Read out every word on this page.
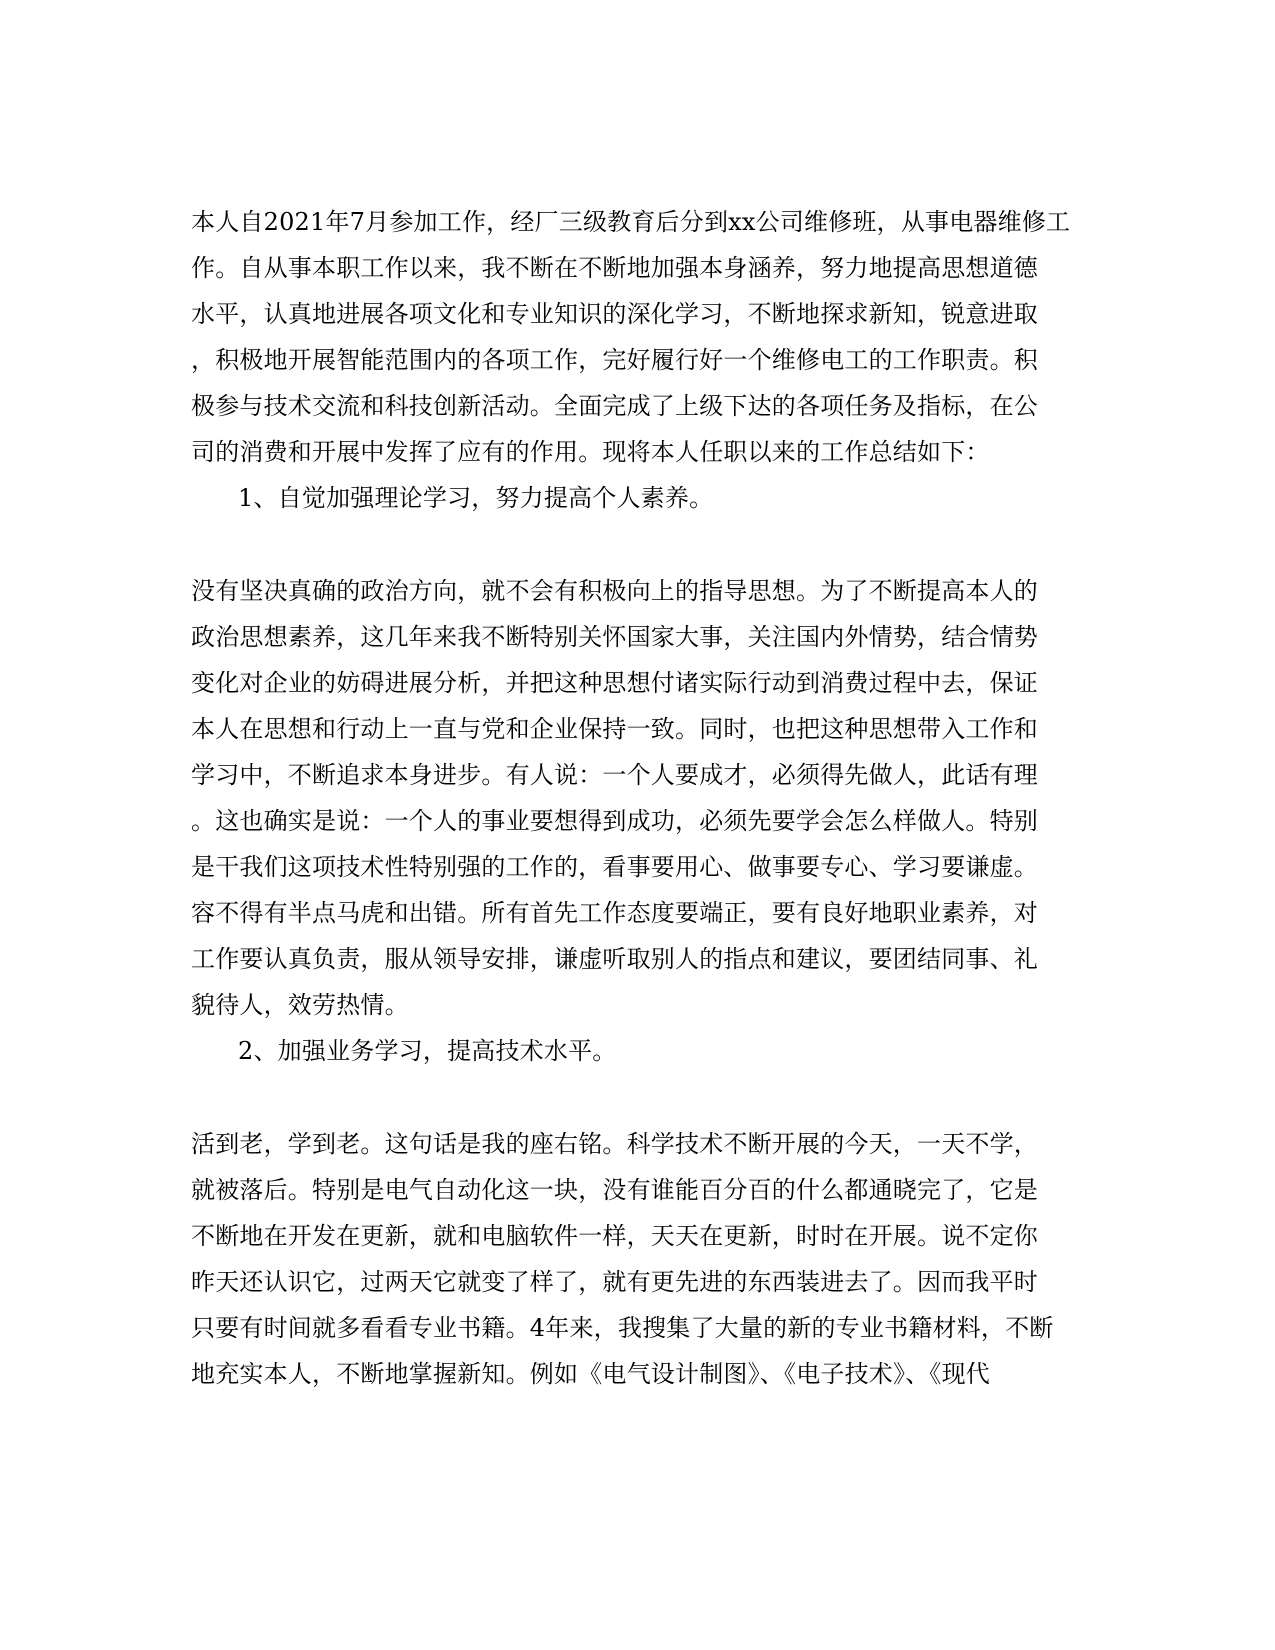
本人自2021年7月参加工作，经厂三级教育后分到xx公司维修班，从事电器维修工
作。自从事本职工作以来，我不断在不断地加强本身涵养，努力地提高思想道德
水平，认真地进展各项文化和专业知识的深化学习，不断地探求新知，锐意进取
，积极地开展智能范围内的各项工作，完好履行好一个维修电工的工作职责。积
极参与技术交流和科技创新活动。全面完成了上级下达的各项任务及指标，在公
司的消费和开展中发挥了应有的作用。现将本人任职以来的工作总结如下：
1、自觉加强理论学习，努力提高个人素养。
没有坚决真确的政治方向，就不会有积极向上的指导思想。为了不断提高本人的
政治思想素养，这几年来我不断特别关怀国家大事，关注国内外情势，结合情势
变化对企业的妨碍进展分析，并把这种思想付诸实际行动到消费过程中去，保证
本人在思想和行动上一直与党和企业保持一致。同时，也把这种思想带入工作和
学习中，不断追求本身进步。有人说：一个人要成才，必须得先做人，此话有理
。这也确实是说：一个人的事业要想得到成功，必须先要学会怎么样做人。特别
是干我们这项技术性特别强的工作的，看事要用心、做事要专心、学习要谦虚。
容不得有半点马虎和出错。所有首先工作态度要端正，要有良好地职业素养，对
工作要认真负责，服从领导安排，谦虚听取别人的指点和建议，要团结同事、礼
貌待人，效劳热情。
2、加强业务学习，提高技术水平。
活到老，学到老。这句话是我的座右铭。科学技术不断开展的今天，一天不学，
就被落后。特别是电气自动化这一块，没有谁能百分百的什么都通晓完了，它是
不断地在开发在更新，就和电脑软件一样，天天在更新，时时在开展。说不定你
昨天还认识它，过两天它就变了样了，就有更先进的东西装进去了。因而我平时
只要有时间就多看看专业书籍。4年来，我搜集了大量的新的专业书籍材料，不断
地充实本人，不断地掌握新知。例如《电气设计制图》、《电子技术》、《现代
